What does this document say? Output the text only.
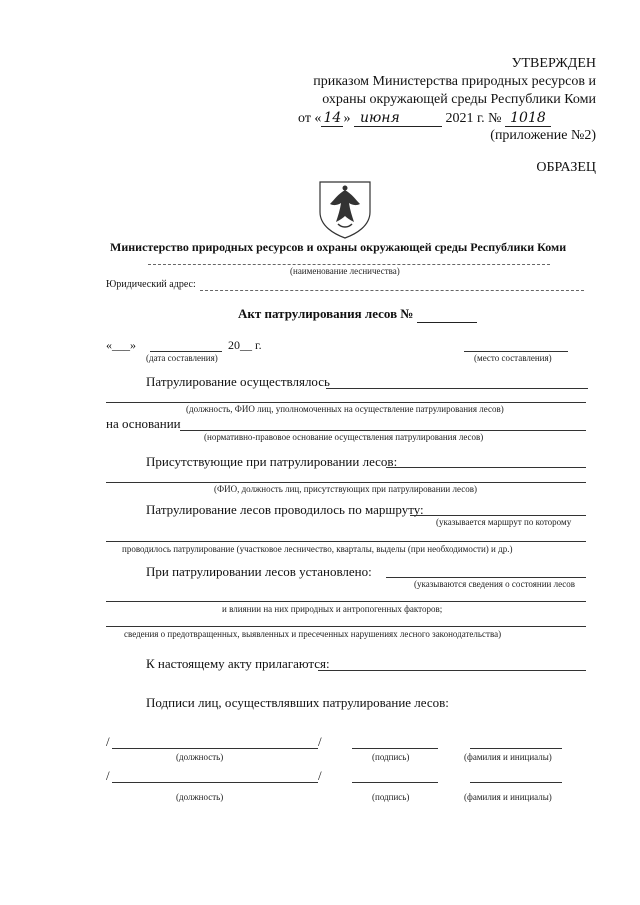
УТВЕРЖДЕН
приказом Министерства природных ресурсов и
охраны окружающей среды Республики Коми
от « 14 » июня	2021 г. № 1018
(приложение №2)
ОБРАЗЕЦ
Министерство природных ресурсов и охраны окружающей среды Республики Коми
(наименование лесничества)
Юридический адрес:
Акт патрулирования лесов №
«___»	20__ г.
(дата составления)	(место составления)
Патрулирование осуществлялось
(должность, ФИО лиц, уполномоченных на осуществление патрулирования лесов)
на основании
(нормативно-правовое основание осуществления патрулирования лесов)
Присутствующие при патрулировании лесов:
(ФИО, должность лиц, присутствующих при патрулировании лесов)
Патрулирование лесов проводилось по маршруту:
(указывается маршрут по которому
проводилось патрулирование (участковое лесничество, кварталы, выделы (при необходимости) и др.)
При патрулировании лесов установлено:
(указываются сведения о состоянии лесов
и влиянии на них природных и антропогенных факторов;
сведения о предотвращенных, выявленных и пресеченных нарушениях лесного законодательства)
К настоящему акту прилагаются:
Подписи лиц, осуществлявших патрулирование лесов:
/	/
(должность)	(подпись)	(фамилия и инициалы)
/	/
(должность)	(подпись)	(фамилия и инициалы)
